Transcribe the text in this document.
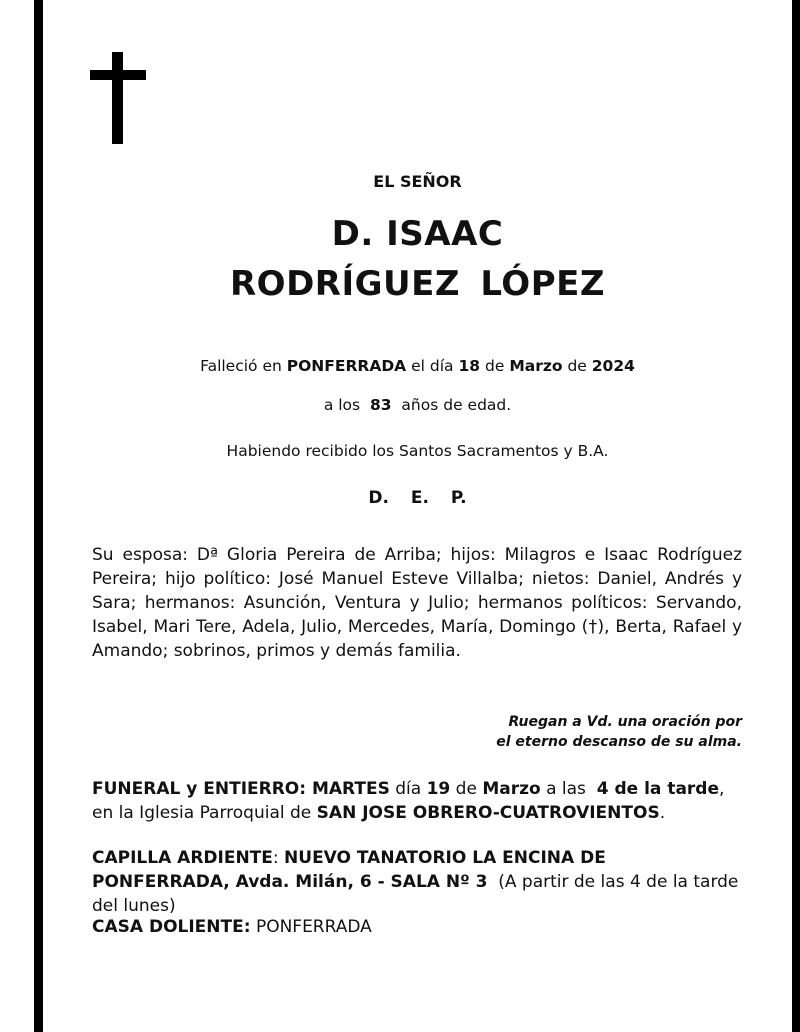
EL SEÑOR
D. ISAAC
RODRÍGUEZ LÓPEZ
Falleció en PONFERRADA el día 18 de Marzo de 2024
a los 83 años de edad.
Habiendo recibido los Santos Sacramentos y B.A.
D. E. P.
Su esposa: Dª Gloria Pereira de Arriba; hijos: Milagros e Isaac Rodríguez Pereira; hijo político: José Manuel Esteve Villalba; nietos: Daniel, Andrés y Sara; hermanos: Asunción, Ventura y Julio; hermanos políticos: Servando, Isabel, Mari Tere, Adela, Julio, Mercedes, María, Domingo (†), Berta, Rafael y Amando; sobrinos, primos y demás familia.
Ruegan a Vd. una oración por
el eterno descanso de su alma.
FUNERAL y ENTIERRO: MARTES día 19 de Marzo a las 4 de la tarde, en la Iglesia Parroquial de SAN JOSE OBRERO-CUATROVIENTOS.
CAPILLA ARDIENTE: NUEVO TANATORIO LA ENCINA DE PONFERRADA, Avda. Milán, 6 - SALA Nº 3 (A partir de las 4 de la tarde del lunes)
CASA DOLIENTE: PONFERRADA
